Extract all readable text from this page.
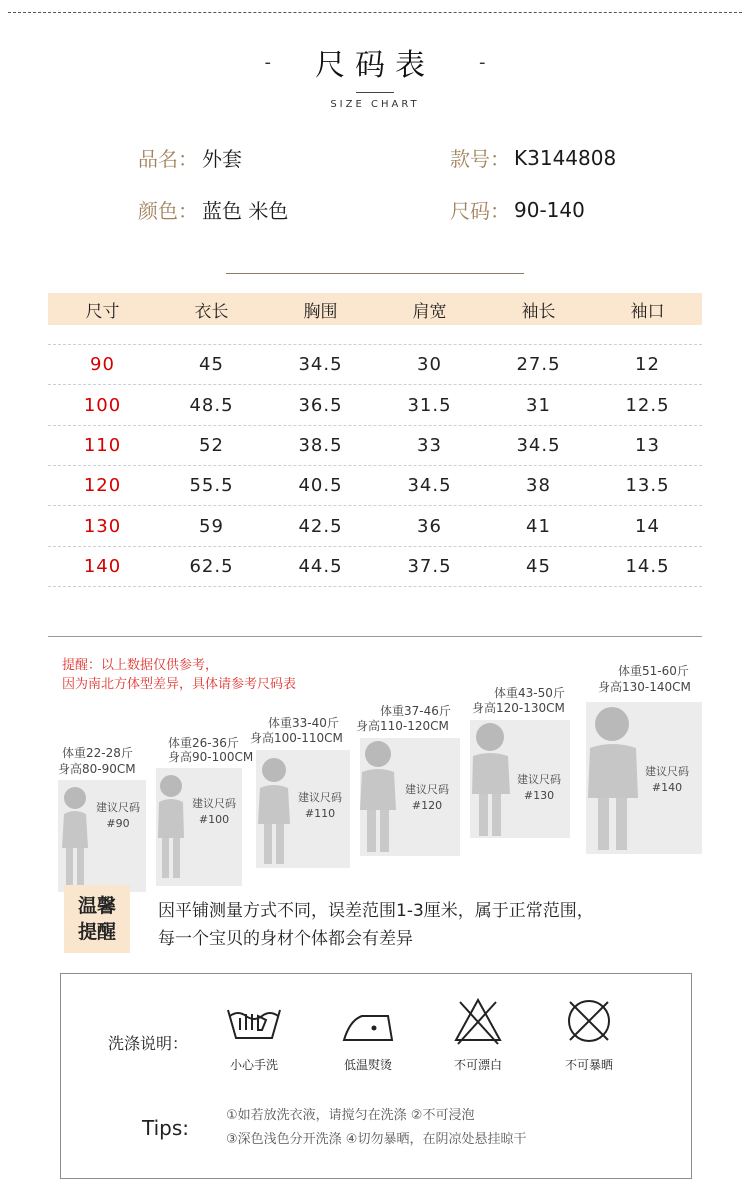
- 尺码表 -
SIZE CHART
品名： 外套	款号： K3144808
颜色： 蓝色 米色	尺码： 90-140
尺寸	衣长	胸围	肩宽	袖长	袖口
90	45	34.5	30	27.5	12
100	48.5	36.5	31.5	31	12.5
110	52	38.5	33	34.5	13
120	55.5	40.5	34.5	38	13.5
130	59	42.5	36	41	14
140	62.5	44.5	37.5	45	14.5
提醒：以上数据仅供参考，
因为南北方体型差异，具体请参考尺码表
体重22-28斤
身高80-90CM
建议尺码
#90
体重26-36斤
身高90-100CM
建议尺码
#100
体重33-40斤
身高100-110CM
建议尺码
#110
体重37-46斤
身高110-120CM
建议尺码
#120
体重43-50斤
身高120-130CM
建议尺码
#130
体重51-60斤
身高130-140CM
建议尺码
#140
温馨
提醒
因平铺测量方式不同，误差范围1-3厘米，属于正常范围，
每一个宝贝的身材个体都会有差异
洗涤说明：
小心手洗	低温熨烫	不可漂白	不可暴晒
Tips:
①如若放洗衣液，请搅匀在洗涤 ②不可浸泡
③深色浅色分开洗涤 ④切勿暴晒，在阴凉处悬挂晾干
